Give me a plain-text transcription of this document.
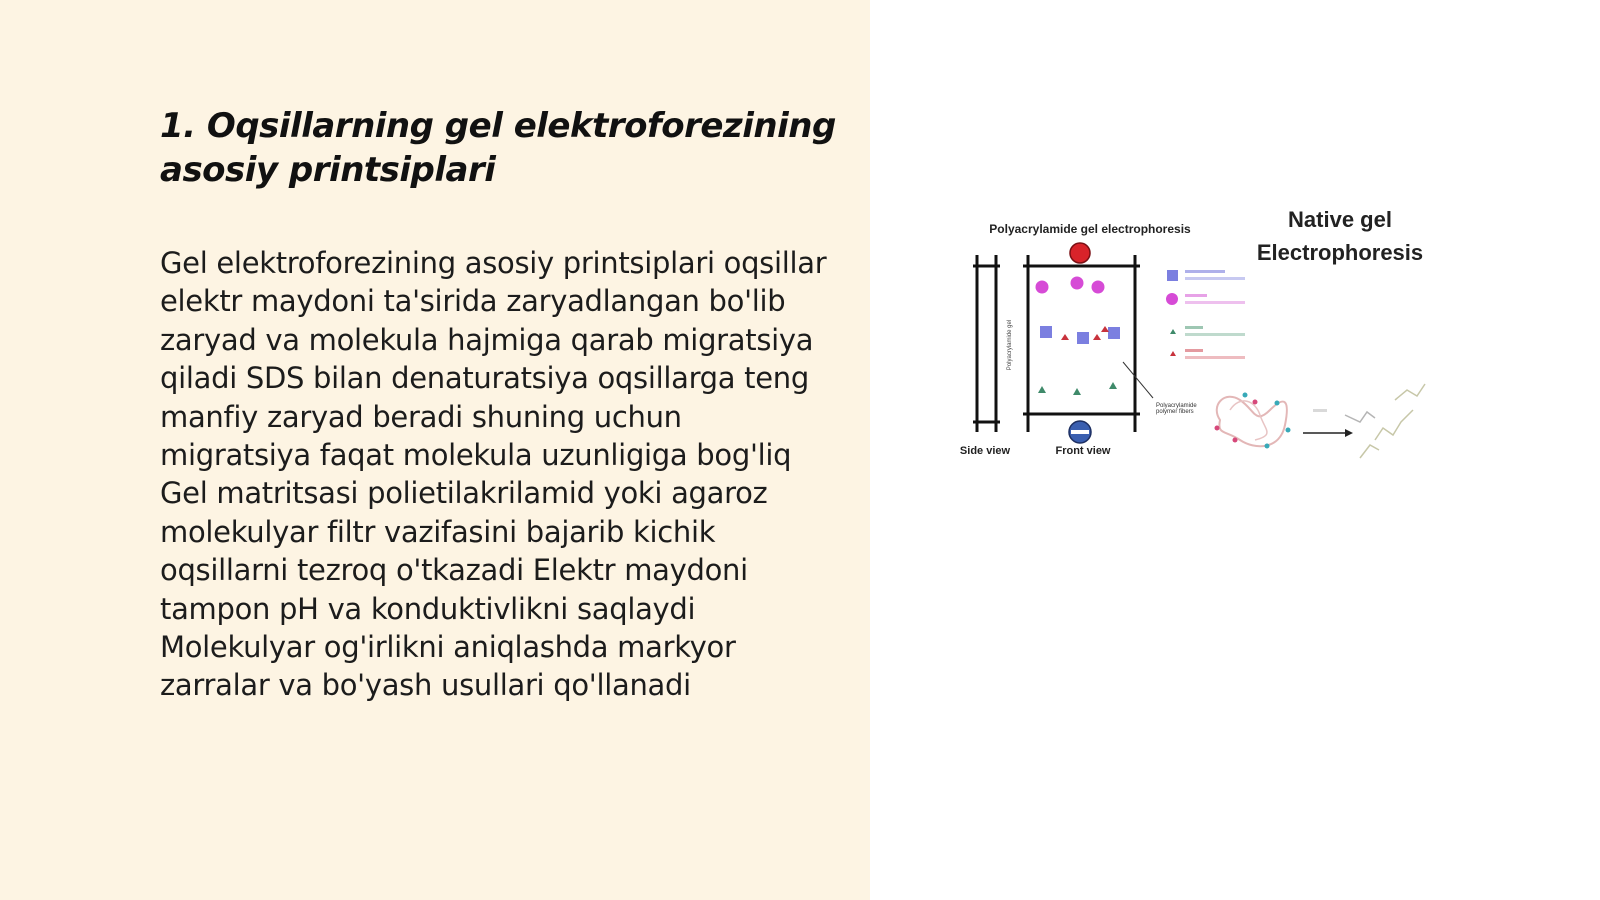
1. Oqsillarning gel elektroforezining asosiy printsiplari

Gel elektroforezining asosiy printsiplari oqsillar elektr maydoni ta'sirida zaryadlangan bo'lib zaryad va molekula hajmiga qarab migratsiya qiladi SDS bilan denaturatsiya oqsillarga teng manfiy zaryad beradi shuning uchun migratsiya faqat molekula uzunligiga bog'liq Gel matritsasi polietilakrilamid yoki agaroz molekulyar filtr vazifasini bajarib kichik oqsillarni tezroq o'tkazadi Elektr maydoni tampon pH va konduktivlikni saqlaydi Molekulyar og'irlikni aniqlashda markyor zarralar va bo'yash usullari qo'llanadi

Polyacrylamide gel electrophoresis	Native gel
Electrophoresis
Side view
Polyacrylamide gel
Front view
Polyacrylamide
polymer fibers
